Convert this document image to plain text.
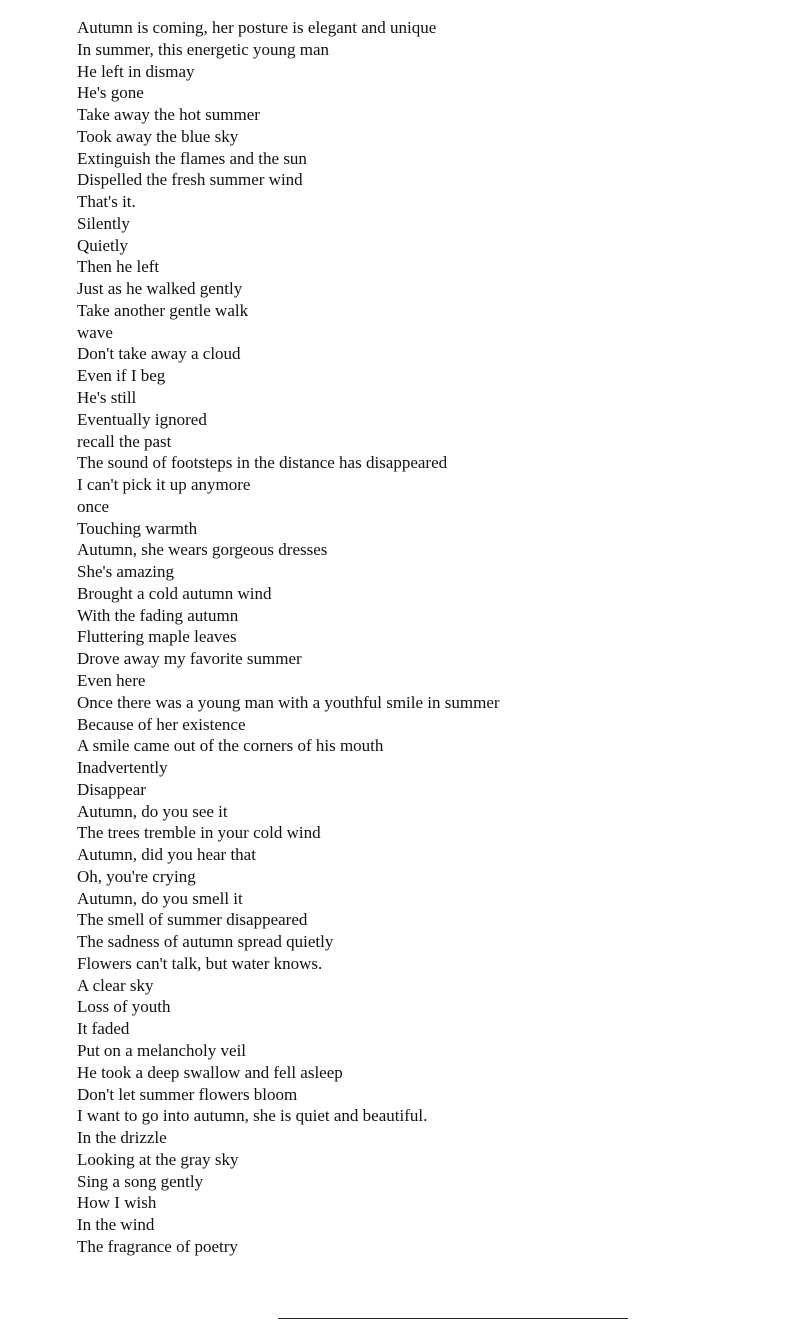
Autumn is coming, her posture is elegant and unique
In summer, this energetic young man
He left in dismay
He's gone
Take away the hot summer
Took away the blue sky
Extinguish the flames and the sun
Dispelled the fresh summer wind
That's it.
Silently
Quietly
Then he left
Just as he walked gently
Take another gentle walk
wave
Don't take away a cloud
Even if I beg
He's still
Eventually ignored
recall the past
The sound of footsteps in the distance has disappeared
I can't pick it up anymore
once
Touching warmth
Autumn, she wears gorgeous dresses
She's amazing
Brought a cold autumn wind
With the fading autumn
Fluttering maple leaves
Drove away my favorite summer
Even here
Once there was a young man with a youthful smile in summer
Because of her existence
A smile came out of the corners of his mouth
Inadvertently
Disappear
Autumn, do you see it
The trees tremble in your cold wind
Autumn, did you hear that
Oh, you're crying
Autumn, do you smell it
The smell of summer disappeared
The sadness of autumn spread quietly
Flowers can't talk, but water knows.
A clear sky
Loss of youth
It faded
Put on a melancholy veil
He took a deep swallow and fell asleep
Don't let summer flowers bloom
I want to go into autumn, she is quiet and beautiful.
In the drizzle
Looking at the gray sky
Sing a song gently
How I wish
In the wind
The fragrance of poetry
